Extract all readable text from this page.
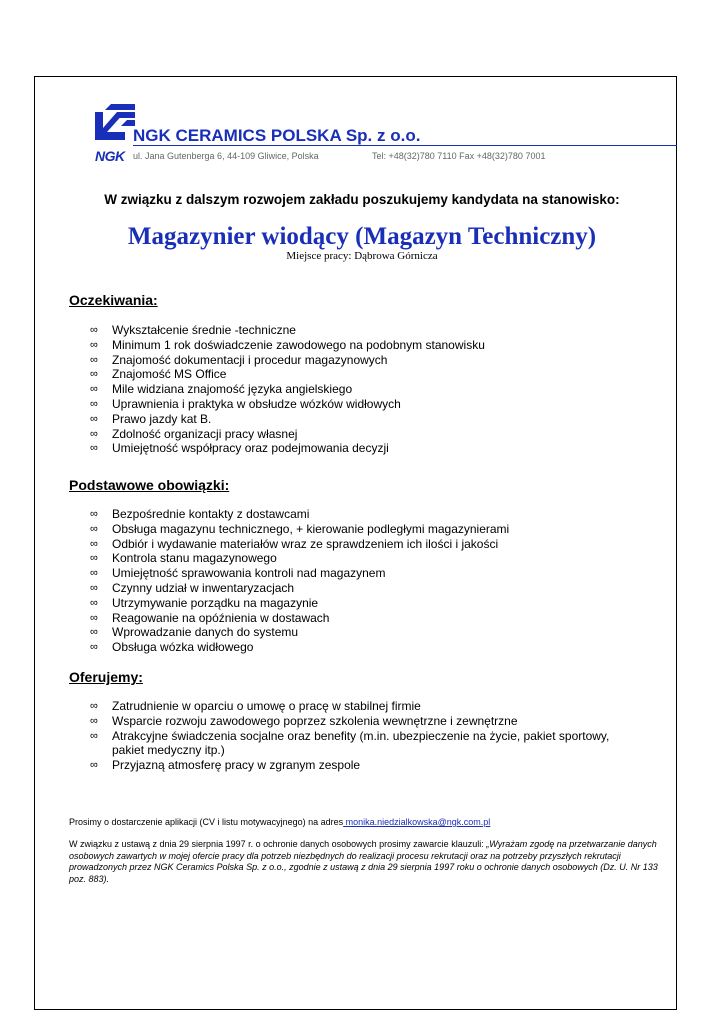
NGK CERAMICS POLSKA Sp. z o.o.
NGK ul. Jana Gutenberga 6, 44-109 Gliwice, Polska	Tel: +48(32)780 7110 Fax +48(32)780 7001
W związku z dalszym rozwojem zakładu poszukujemy kandydata na stanowisko:
Magazynier wiodący (Magazyn Techniczny)
Miejsce pracy: Dąbrowa Górnicza
Oczekiwania:
∞ Wykształcenie średnie -techniczne
∞ Minimum 1 rok doświadczenie zawodowego na podobnym stanowisku
∞ Znajomość dokumentacji i procedur magazynowych
∞ Znajomość MS Office
∞ Mile widziana znajomość języka angielskiego
∞ Uprawnienia i praktyka w obsłudze wózków widłowych
∞ Prawo jazdy kat B.
∞ Zdolność organizacji pracy własnej
∞ Umiejętność współpracy oraz podejmowania decyzji
Podstawowe obowiązki:
∞ Bezpośrednie kontakty z dostawcami
∞ Obsługa magazynu technicznego, + kierowanie podległymi magazynierami
∞ Odbiór i wydawanie materiałów wraz ze sprawdzeniem ich ilości i jakości
∞ Kontrola stanu magazynowego
∞ Umiejętność sprawowania kontroli nad magazynem
∞ Czynny udział w inwentaryzacjach
∞ Utrzymywanie porządku na magazynie
∞ Reagowanie na opóźnienia w dostawach
∞ Wprowadzanie danych do systemu
∞ Obsługa wózka widłowego
Oferujemy:
∞ Zatrudnienie w oparciu o umowę o pracę w stabilnej firmie
∞ Wsparcie rozwoju zawodowego poprzez szkolenia wewnętrzne i zewnętrzne
∞ Atrakcyjne świadczenia socjalne oraz benefity (m.in. ubezpieczenie na życie, pakiet sportowy, pakiet medyczny itp.)
∞ Przyjazną atmosferę pracy w zgranym zespole
Prosimy o dostarczenie aplikacji (CV i listu motywacyjnego) na adres monika.niedzialkowska@ngk.com.pl
W związku z ustawą z dnia 29 sierpnia 1997 r. o ochronie danych osobowych prosimy zawarcie klauzuli: „Wyrażam zgodę na przetwarzanie danych osobowych zawartych w mojej ofercie pracy dla potrzeb niezbędnych do realizacji procesu rekrutacji oraz na potrzeby przyszłych rekrutacji prowadzonych przez NGK Ceramics Polska Sp. z o.o., zgodnie z ustawą z dnia 29 sierpnia 1997 roku o ochronie danych osobowych (Dz. U. Nr 133 poz. 883).
